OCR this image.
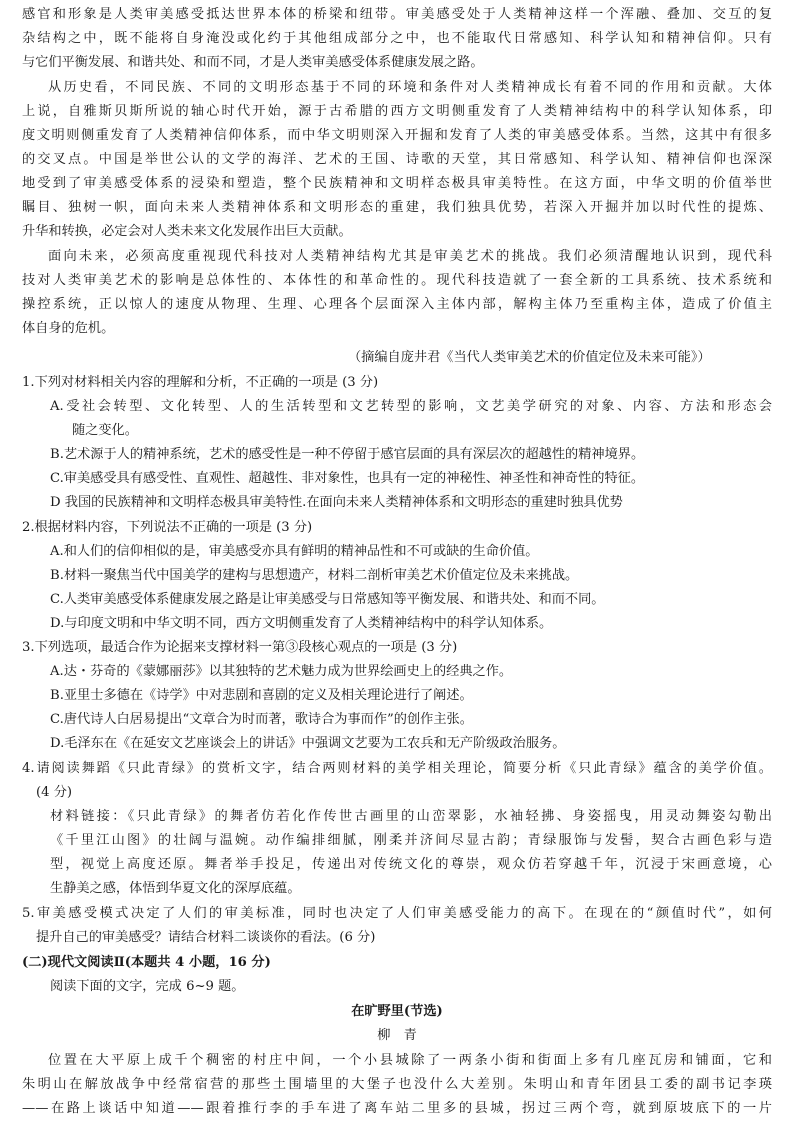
感官和形象是人类审美感受抵达世界本体的桥梁和纽带。审美感受处于人类精神这样一个浑融、叠加、交互的复
杂结构之中，既不能将自身淹没或化约于其他组成部分之中，也不能取代日常感知、科学认知和精神信仰。只有
与它们平衡发展、和谐共处、和而不同，才是人类审美感受体系健康发展之路。
从历史看，不同民族、不同的文明形态基于不同的环境和条件对人类精神成长有着不同的作用和贡献。大体
上说，自雅斯贝斯所说的轴心时代开始，源于古希腊的西方文明侧重发育了人类精神结构中的科学认知体系，印
度文明则侧重发育了人类精神信仰体系，而中华文明则深入开掘和发育了人类的审美感受体系。当然，这其中有很多
的交叉点。中国是举世公认的文学的海洋、艺术的王国、诗歌的天堂，其日常感知、科学认知、精神信仰也深深
地受到了审美感受体系的浸染和塑造，整个民族精神和文明样态极具审美特性。在这方面，中华文明的价值举世
瞩目、独树一帜，面向未来人类精神体系和文明形态的重建，我们独具优势，若深入开掘并加以时代性的提炼、
升华和转换，必定会对人类未来文化发展作出巨大贡献。
面向未来，必须高度重视现代科技对人类精神结构尤其是审美艺术的挑战。我们必须清醒地认识到，现代科
技对人类审美艺术的影响是总体性的、本体性的和革命性的。现代科技造就了一套全新的工具系统、技术系统和
操控系统，正以惊人的速度从物理、生理、心理各个层面深入主体内部，解构主体乃至重构主体，造成了价值主
体自身的危机。
（摘编自庞井君《当代人类审美艺术的价值定位及未来可能》）
1.下列对材料相关内容的理解和分析，不正确的一项是 (3 分)
A.受社会转型、文化转型、人的生活转型和文艺转型的影响，文艺美学研究的对象、内容、方法和形态会
随之变化。
B.艺术源于人的精神系统，艺术的感受性是一种不停留于感官层面的具有深层次的超越性的精神境界。
C.审美感受具有感受性、直观性、超越性、非对象性，也具有一定的神秘性、神圣性和神奇性的特征。
D 我国的民族精神和文明样态极具审美特性.在面向未来人类精神体系和文明形态的重建时独具优势
2.根据材料内容，下列说法不正确的一项是 (3 分)
A.和人们的信仰相似的是，审美感受亦具有鲜明的精神品性和不可或缺的生命价值。
B.材料一聚焦当代中国美学的建构与思想遗产，材料二剖析审美艺术价值定位及未来挑战。
C.人类审美感受体系健康发展之路是让审美感受与日常感知等平衡发展、和谐共处、和而不同。
D.与印度文明和中华文明不同，西方文明侧重发育了人类精神结构中的科学认知体系。
3.下列选项，最适合作为论据来支撑材料一第③段核心观点的一项是 (3 分)
A.达・芬奇的《蒙娜丽莎》以其独特的艺术魅力成为世界绘画史上的经典之作。
B.亚里士多德在《诗学》中对悲剧和喜剧的定义及相关理论进行了阐述。
C.唐代诗人白居易提出“文章合为时而著，歌诗合为事而作”的创作主张。
D.毛泽东在《在延安文艺座谈会上的讲话》中强调文艺要为工农兵和无产阶级政治服务。
4.请阅读舞蹈《只此青绿》的赏析文字，结合两则材料的美学相关理论，简要分析《只此青绿》蕴含的美学价值。
(4 分)
材料链接：《只此青绿》的舞者仿若化作传世古画里的山峦翠影，水袖轻拂、身姿摇曳，用灵动舞姿勾勒出
《千里江山图》的壮阔与温婉。动作编排细腻，刚柔并济间尽显古韵；青绿服饰与发髻，契合古画色彩与造
型，视觉上高度还原。舞者举手投足，传递出对传统文化的尊崇，观众仿若穿越千年，沉浸于宋画意境，心
生静美之感，体悟到华夏文化的深厚底蕴。
5.审美感受模式决定了人们的审美标准，同时也决定了人们审美感受能力的高下。在现在的“颜值时代”，如何
提升自己的审美感受？请结合材料二谈谈你的看法。(6 分)
(二)现代文阅读Ⅱ(本题共 4 小题，16 分)
阅读下面的文字，完成 6~9 题。
在旷野里(节选)
柳　青
位置在大平原上成千个稠密的村庄中间，一个小县城除了一两条小街和街面上多有几座瓦房和铺面，它和
朱明山在解放战争中经常宿营的那些土围墙里的大堡子也没什么大差别。朱明山和青年团县工委的副书记李瑛
——在路上谈话中知道——跟着推行李的手车进了离车站二里多的县城，拐过三两个弯，就到原坡底下的一片
